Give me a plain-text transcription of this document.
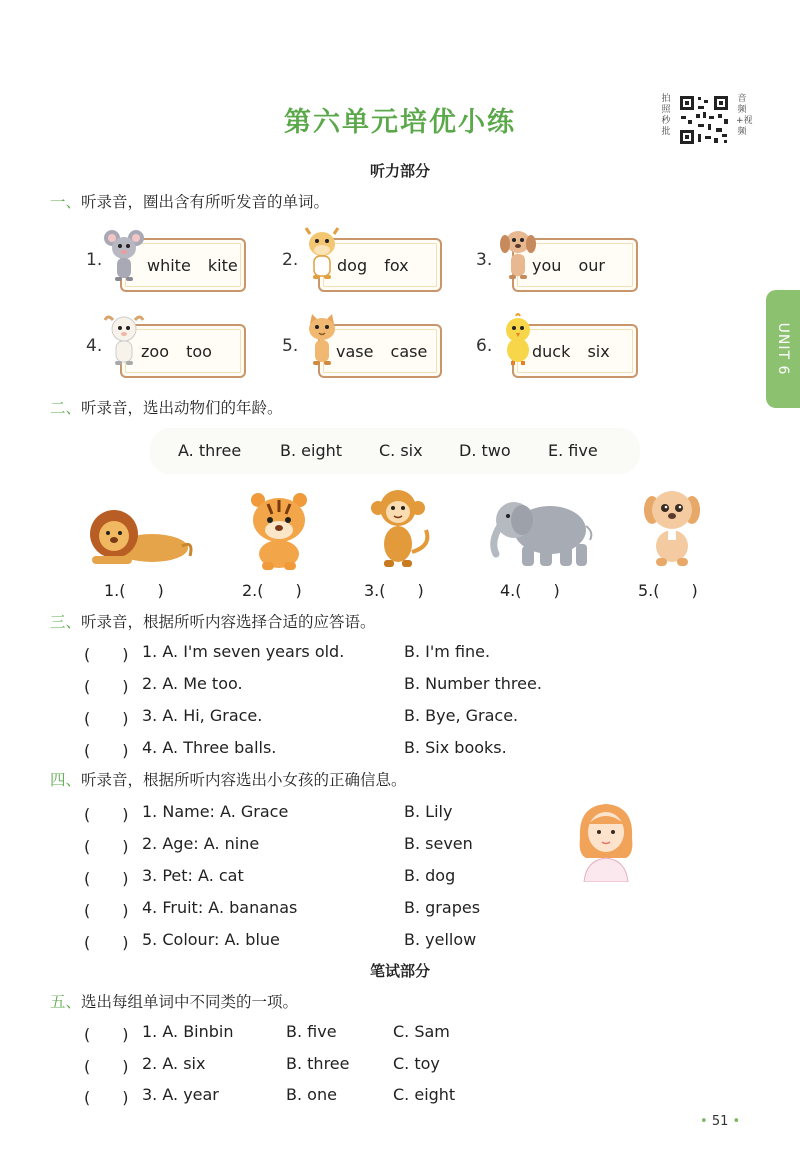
第六单元培优小练
拍照秒批
音频+视频
UNIT 6
听力部分
一、听录音，圈出含有所听发音的单词。
1.	white kite	2. dog fox	3. you our
4. zoo too	5. vase case	6. duck six
二、听录音，选出动物们的年龄。
A. three B. eight C. six D. two E. five
1.(　　)	2.(　　)	3.(　　)	4.(　　)	5.(　　)
三、听录音，根据所听内容选择合适的应答语。
(　　) 1. A. I'm seven years old.	B. I'm fine.
(　　) 2. A. Me too.	B. Number three.
(　　) 3. A. Hi, Grace.	B. Bye, Grace.
(　　) 4. A. Three balls.	B. Six books.
四、听录音，根据所听内容选出小女孩的正确信息。
(　　) 1. Name: A. Grace	B. Lily
(　　) 2. Age: A. nine	B. seven
(　　) 3. Pet: A. cat	B. dog
(　　) 4. Fruit: A. bananas	B. grapes
(　　) 5. Colour: A. blue	B. yellow
笔试部分
五、选出每组单词中不同类的一项。
(　　) 1. A. Binbin	B. five	C. Sam
(　　) 2. A. six	B. three	C. toy
(　　) 3. A. year	B. one	C. eight
• 51 •
